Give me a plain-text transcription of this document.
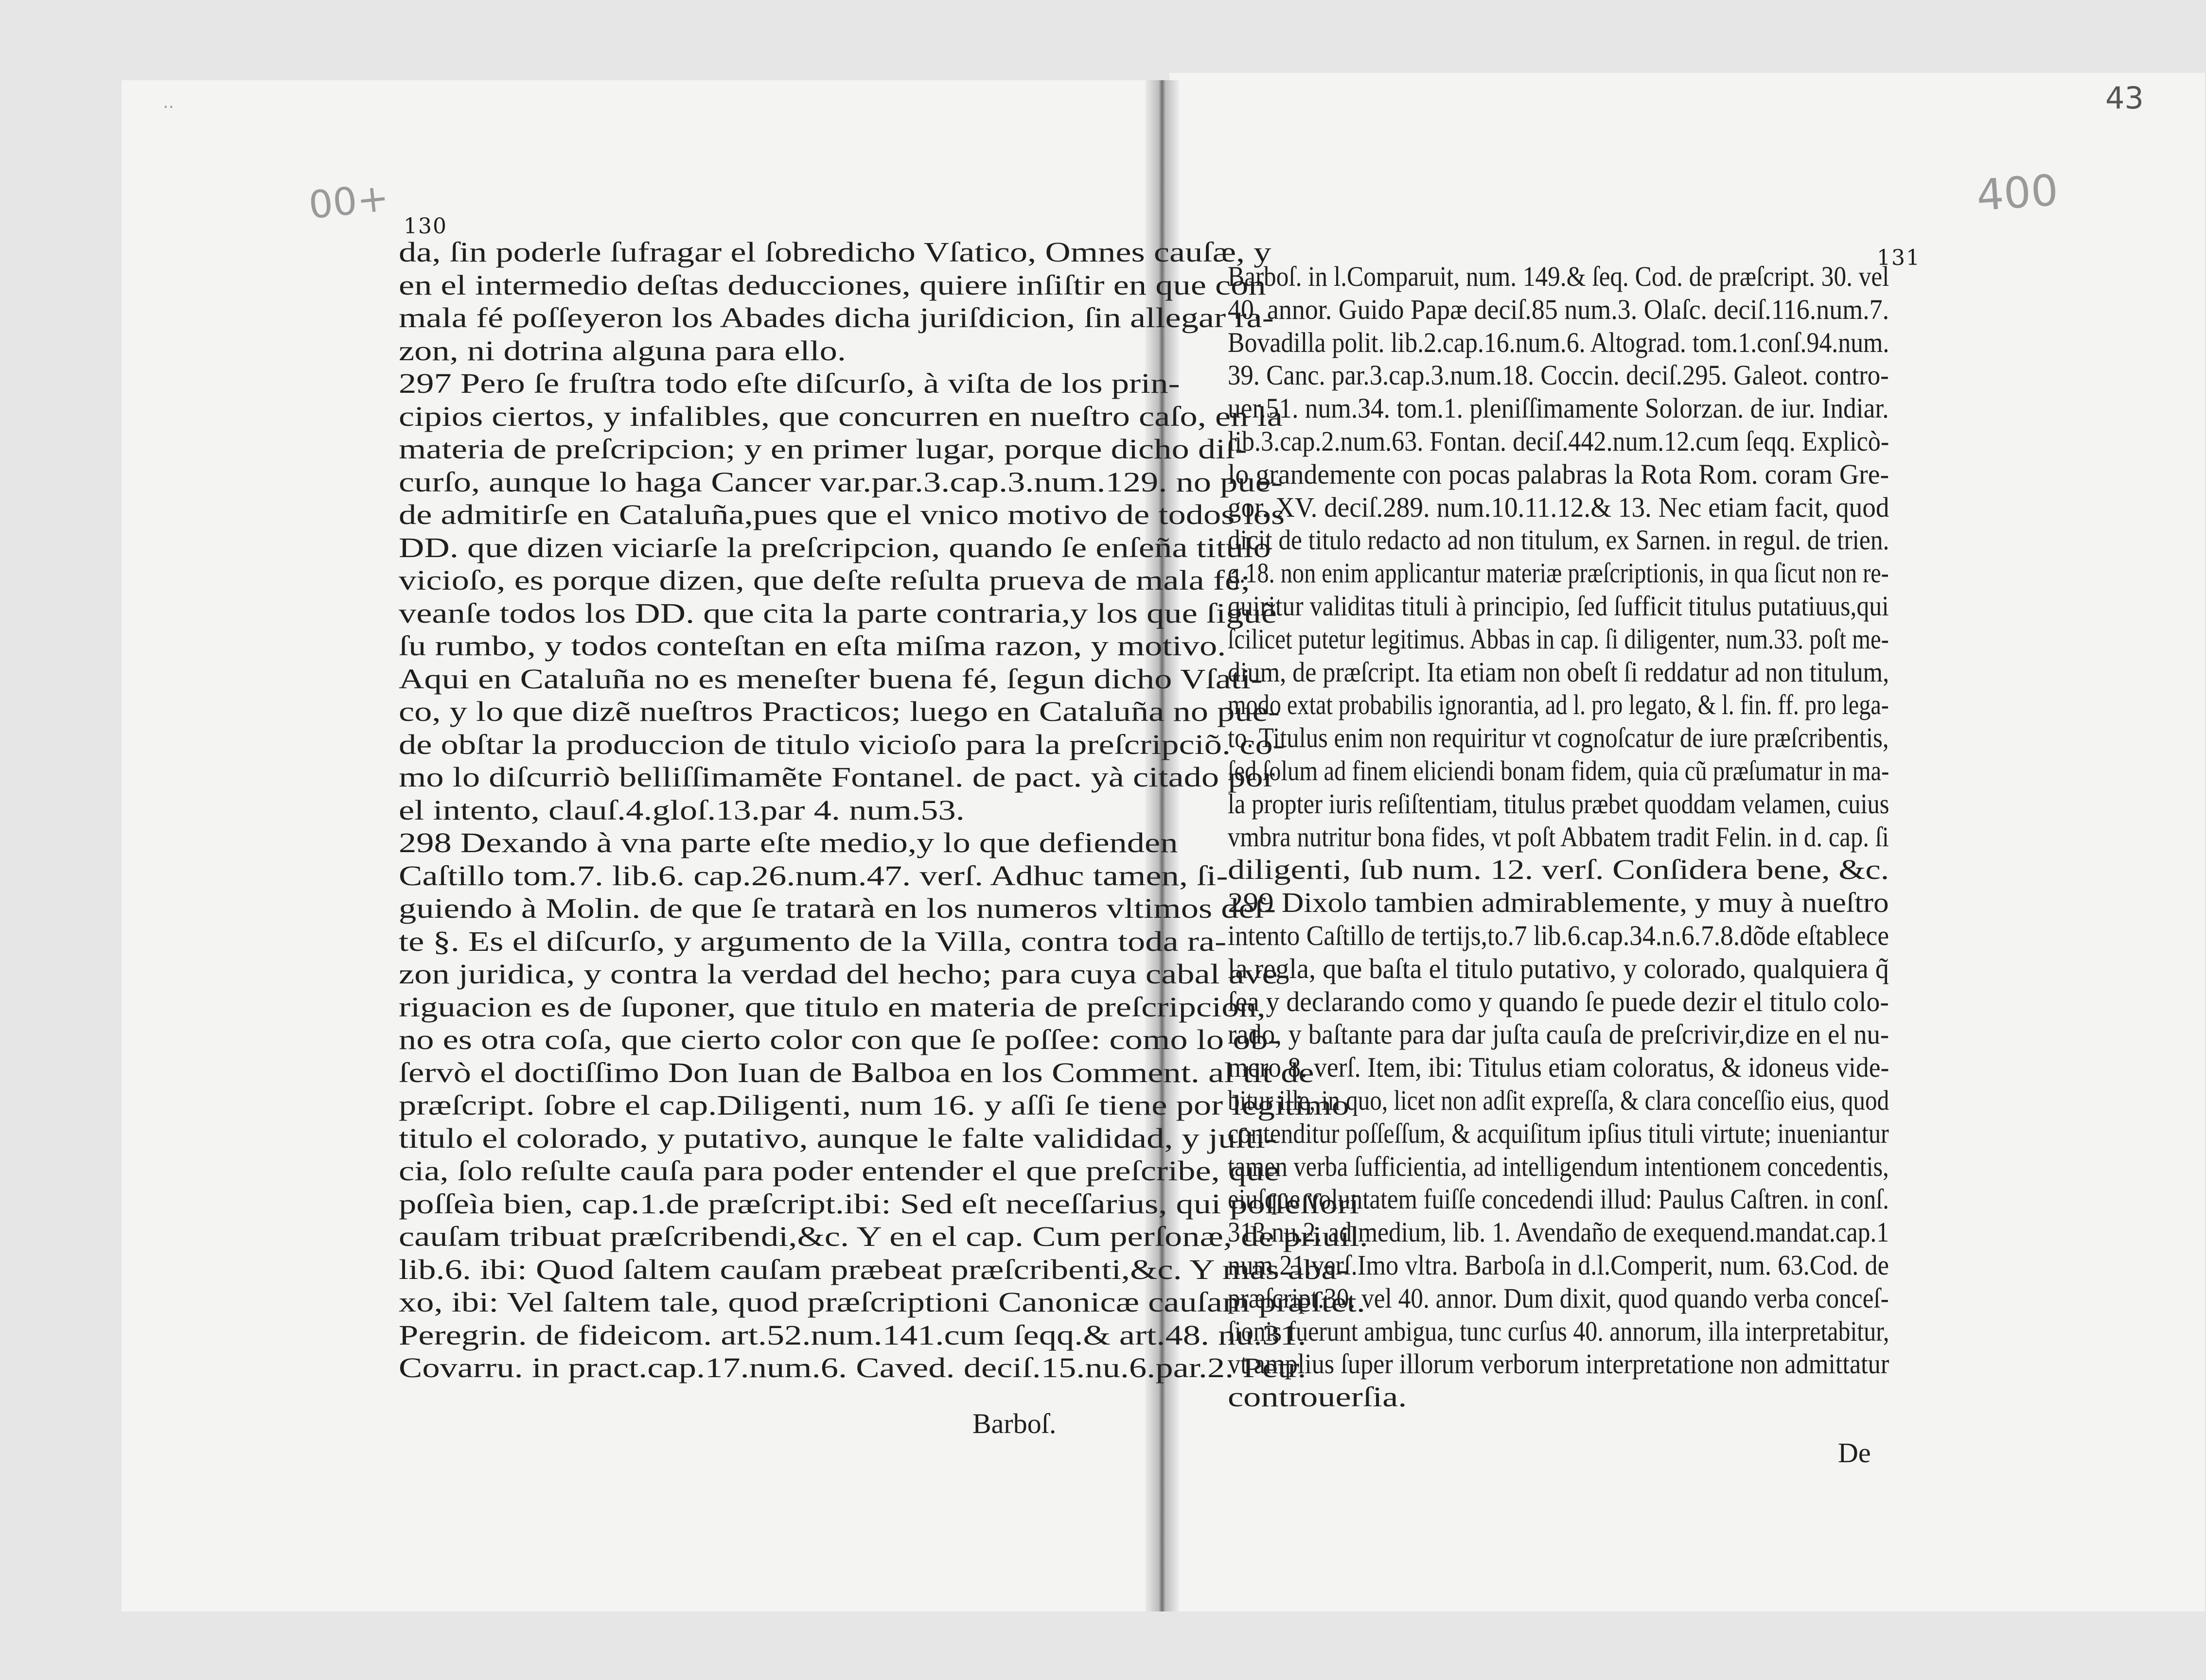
..
00+	400
43
130
131
da, ſin poderle ſufragar el ſobredicho Vſatico, Omnes cauſæ, y
en el intermedio deſtas deducciones, quiere inſiſtir en que con
mala fé poſſeyeron los Abades dicha juriſdicion, ſin allegar ra-
zon, ni dotrina alguna para ello.
297 Pero ſe fruſtra todo eſte diſcurſo, à viſta de los prin-
cipios ciertos, y infalibles, que concurren en nueſtro caſo, en la
materia de preſcripcion; y en primer lugar, porque dicho diſ-
curſo, aunque lo haga Cancer var.par.3.cap.3.num.129. no pue-
de admitirſe en Cataluña,pues que el vnico motivo de todos los
DD. que dizen viciarſe la preſcripcion, quando ſe enſeña titulo
vicioſo, es porque dizen, que deſte reſulta prueva de mala fé;
veanſe todos los DD. que cita la parte contraria,y los que ſiguẽ
ſu rumbo, y todos conteſtan en eſta miſma razon, y motivo.
Aqui en Cataluña no es meneſter buena fé, ſegun dicho Vſati-
co, y lo que dizẽ nueſtros Practicos; luego en Cataluña no pue-
de obſtar la produccion de titulo vicioſo para la preſcripciõ. co-
mo lo diſcurriò belliſſimamẽte Fontanel. de pact. yà citado por
el intento, clauſ.4.gloſ.13.par 4. num.53.
298 Dexando à vna parte eſte medio,y lo que defienden
Caſtillo tom.7. lib.6. cap.26.num.47. verſ. Adhuc tamen, ſi-
guiendo à Molin. de que ſe tratarà en los numeros vltimos deſ-
te §. Es el diſcurſo, y argumento de la Villa, contra toda ra-
zon juridica, y contra la verdad del hecho; para cuya cabal ave-
riguacion es de ſuponer, que titulo en materia de preſcripcion,
no es otra coſa, que cierto color con que ſe poſſee: como lo ob-
ſervò el doctiſſimo Don Iuan de Balboa en los Comment. al tit de
præſcript. ſobre el cap.Diligenti, num 16. y aſſi ſe tiene por legitimo
titulo el colorado, y putativo, aunque le falte valididad, y juſti-
cia, ſolo reſulte cauſa para poder entender el que preſcribe, que
poſſeìa bien, cap.1.de præſcript.ibi: Sed eſt neceſſarius, qui poſſeſſori
cauſam tribuat præſcribendi,&c. Y en el cap. Cum perſonæ, de priuil.
lib.6. ibi: Quod ſaltem cauſam præbeat præſcribenti,&c. Y mas aba-
xo, ibi: Vel ſaltem tale, quod præſcriptioni Canonicæ cauſam præſtet.
Peregrin. de fideicom. art.52.num.141.cum ſeqq.& art.48. nu.31.
Covarru. in pract.cap.17.num.6. Caved. deciſ.15.nu.6.par.2. Petr.
Barboſ. in l.Comparuit, num. 149.& ſeq. Cod. de præſcript. 30. vel
40. annor. Guido Papæ deciſ.85 num.3. Olaſc. deciſ.116.num.7.
Bovadilla polit. lib.2.cap.16.num.6. Altograd. tom.1.conſ.94.num.
39. Canc. par.3.cap.3.num.18. Coccin. deciſ.295. Galeot. contro-
uer.51. num.34. tom.1. pleniſſimamente Solorzan. de iur. Indiar.
lib.3.cap.2.num.63. Fontan. deciſ.442.num.12.cum ſeqq. Explicò-
lo grandemente con pocas palabras la Rota Rom. coram Gre-
gor. XV. deciſ.289. num.10.11.12.& 13. Nec etiam facit, quod
dicit de titulo redacto ad non titulum, ex Sarnen. in regul. de trien.
q.18. non enim applicantur materiæ præſcriptionis, in qua ſicut non re-
quiritur validitas tituli à principio, ſed ſufficit titulus putatiuus,qui
ſcilicet putetur legitimus. Abbas in cap. ſi diligenter, num.33. poſt me-
dium, de præſcript. Ita etiam non obeſt ſi reddatur ad non titulum,
modo extat probabilis ignorantia, ad l. pro legato, & l. fin. ff. pro lega-
to. Titulus enim non requiritur vt cognoſcatur de iure præſcribentis,
ſed ſolum ad finem eliciendi bonam fidem, quia cũ præſumatur in ma-
la propter iuris reſiſtentiam, titulus præbet quoddam velamen, cuius
vmbra nutritur bona fides, vt poſt Abbatem tradit Felin. in d. cap. ſi
diligenti, ſub num. 12. verſ. Conſidera bene, &c.
299 Dixolo tambien admirablemente, y muy à nueſtro
intento Caſtillo de tertijs,to.7 lib.6.cap.34.n.6.7.8.dõde eſtablece
la regla, que baſta el titulo putativo, y colorado, qualquiera q̃
ſea y declarando como y quando ſe puede dezir el titulo colo-
rado, y baſtante para dar juſta cauſa de preſcrivir,dize en el nu-
mero 8. verſ. Item, ibi: Titulus etiam coloratus, & idoneus vide-
bitur ille, in quo, licet non adſit expreſſa, & clara conceſſio eius, quod
contenditur poſſeſſum, & acquiſitum ipſius tituli virtute; inueniantur
tamen verba ſufficientia, ad intelligendum intentionem concedentis,
eiuſque voluntatem fuiſſe concedendi illud: Paulus Caſtren. in conſ.
313.nu.2. ad medium, lib. 1. Avendaño de exequend.mandat.cap.1
num.21.verſ.Imo vltra. Barboſa in d.l.Comperit, num. 63.Cod. de
præſcript.30. vel 40. annor. Dum dixit, quod quando verba conceſ-
ſionis fuerunt ambigua, tunc curſus 40. annorum, illa interpretabitur,
vt amplius ſuper illorum verborum interpretatione non admittatur
controuerſia.
Barboſ.
De
